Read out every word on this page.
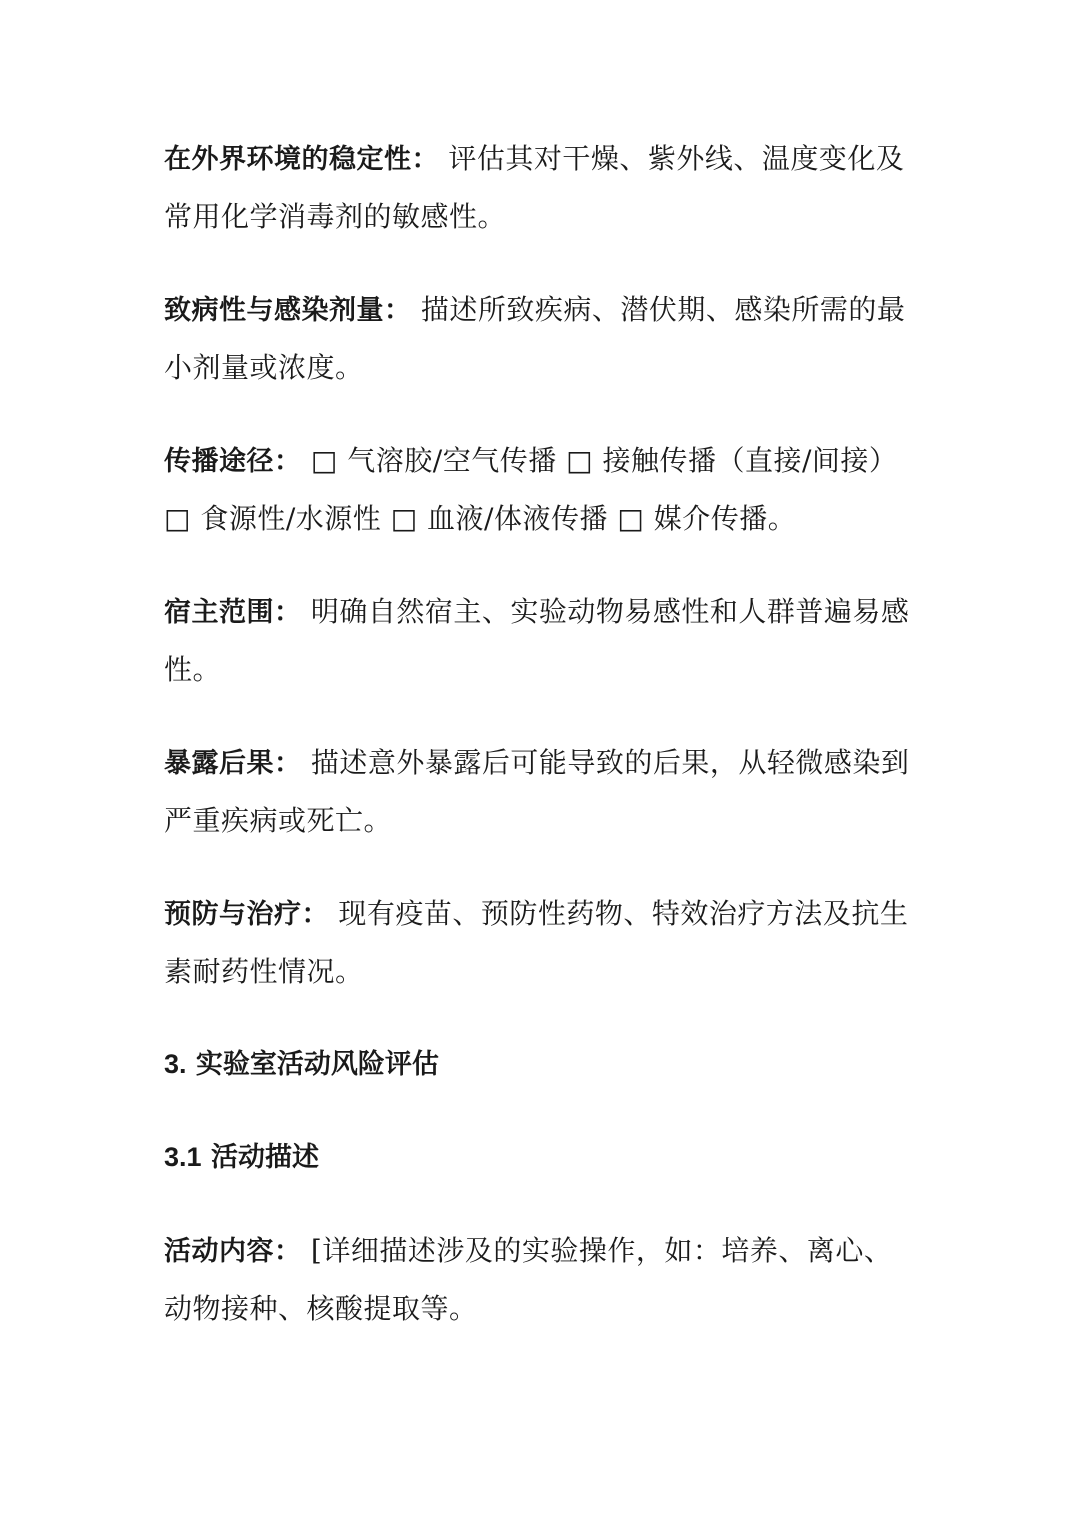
在外界环境的稳定性： 评估其对干燥、紫外线、温度变化及常用化学消毒剂的敏感性。

致病性与感染剂量： 描述所致疾病、潜伏期、感染所需的最小剂量或浓度。

传播途径： □ 气溶胶/空气传播 □ 接触传播（直接/间接） □ 食源性/水源性 □ 血液/体液传播 □ 媒介传播。

宿主范围： 明确自然宿主、实验动物易感性和人群普遍易感性。

暴露后果： 描述意外暴露后可能导致的后果，从轻微感染到严重疾病或死亡。

预防与治疗： 现有疫苗、预防性药物、特效治疗方法及抗生素耐药性情况。

3. 实验室活动风险评估
3.1 活动描述

活动内容： [详细描述涉及的实验操作，如：培养、离心、动物接种、核酸提取等。
